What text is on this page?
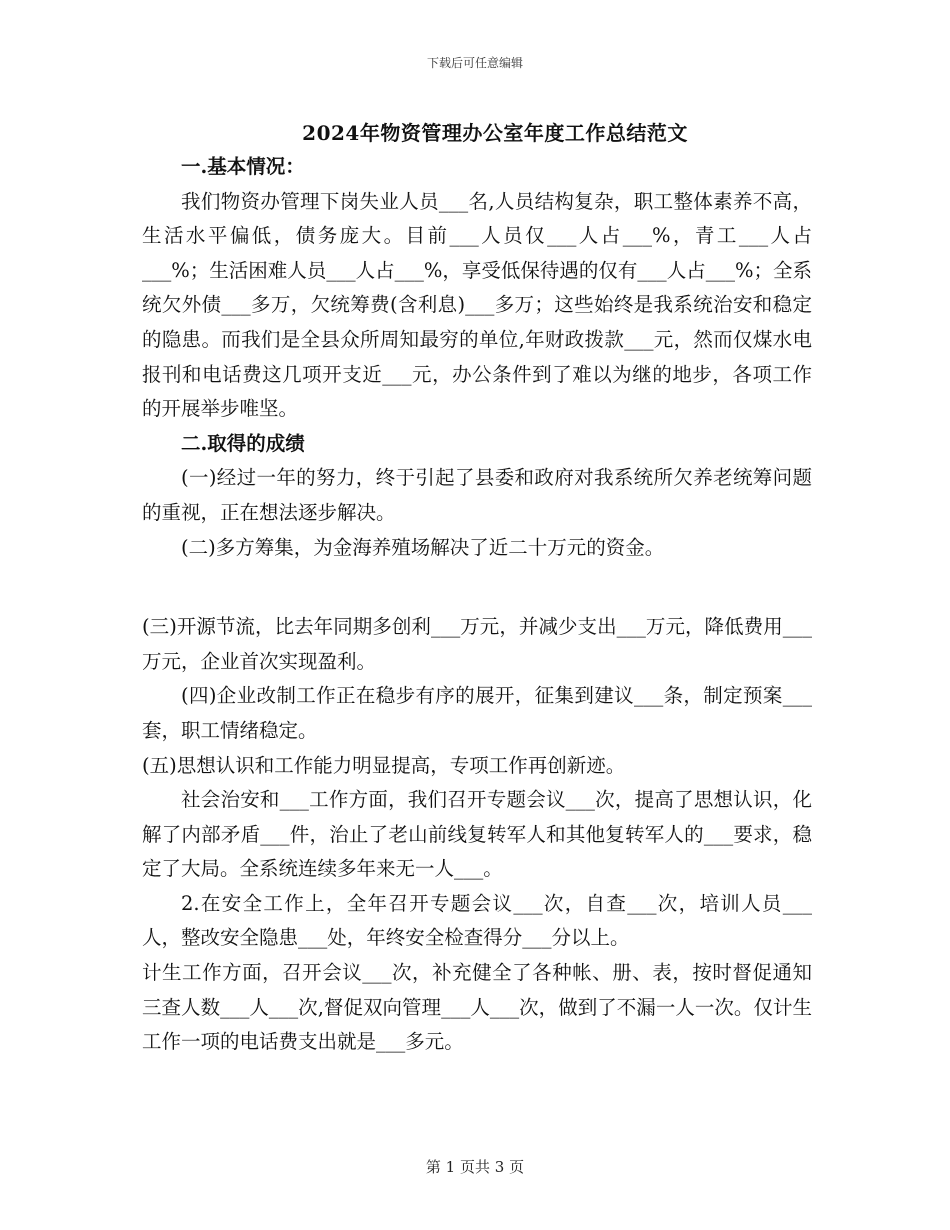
下载后可任意编辑
2024年物资管理办公室年度工作总结范文

一.基本情况：

我们物资办管理下岗失业人员___名,人员结构复杂，职工整体素养不高，生活水平偏低，债务庞大。目前___人员仅___人占___%，青工___人占___%；生活困难人员___人占___%，享受低保待遇的仅有___人占___%；全系统欠外债___多万，欠统筹费(含利息)___多万；这些始终是我系统治安和稳定的隐患。而我们是全县众所周知最穷的单位,年财政拨款___元，然而仅煤水电报刊和电话费这几项开支近___元，办公条件到了难以为继的地步，各项工作的开展举步唯坚。

二.取得的成绩

(一)经过一年的努力，终于引起了县委和政府对我系统所欠养老统筹问题的重视，正在想法逐步解决。

(二)多方筹集，为金海养殖场解决了近二十万元的资金。

(三)开源节流，比去年同期多创利___万元，并减少支出___万元，降低费用___万元，企业首次实现盈利。

(四)企业改制工作正在稳步有序的展开，征集到建议___条，制定预案___套，职工情绪稳定。

(五)思想认识和工作能力明显提高，专项工作再创新迹。

社会治安和___工作方面，我们召开专题会议___次，提高了思想认识，化解了内部矛盾___件，治止了老山前线复转军人和其他复转军人的___要求，稳定了大局。全系统连续多年来无一人___。

2.在安全工作上，全年召开专题会议___次，自查___次，培训人员___人，整改安全隐患___处，年终安全检查得分___分以上。

计生工作方面，召开会议___次，补充健全了各种帐、册、表，按时督促通知三查人数___人___次,督促双向管理___人___次，做到了不漏一人一次。仅计生工作一项的电话费支出就是___多元。

第 1 页共 3 页
